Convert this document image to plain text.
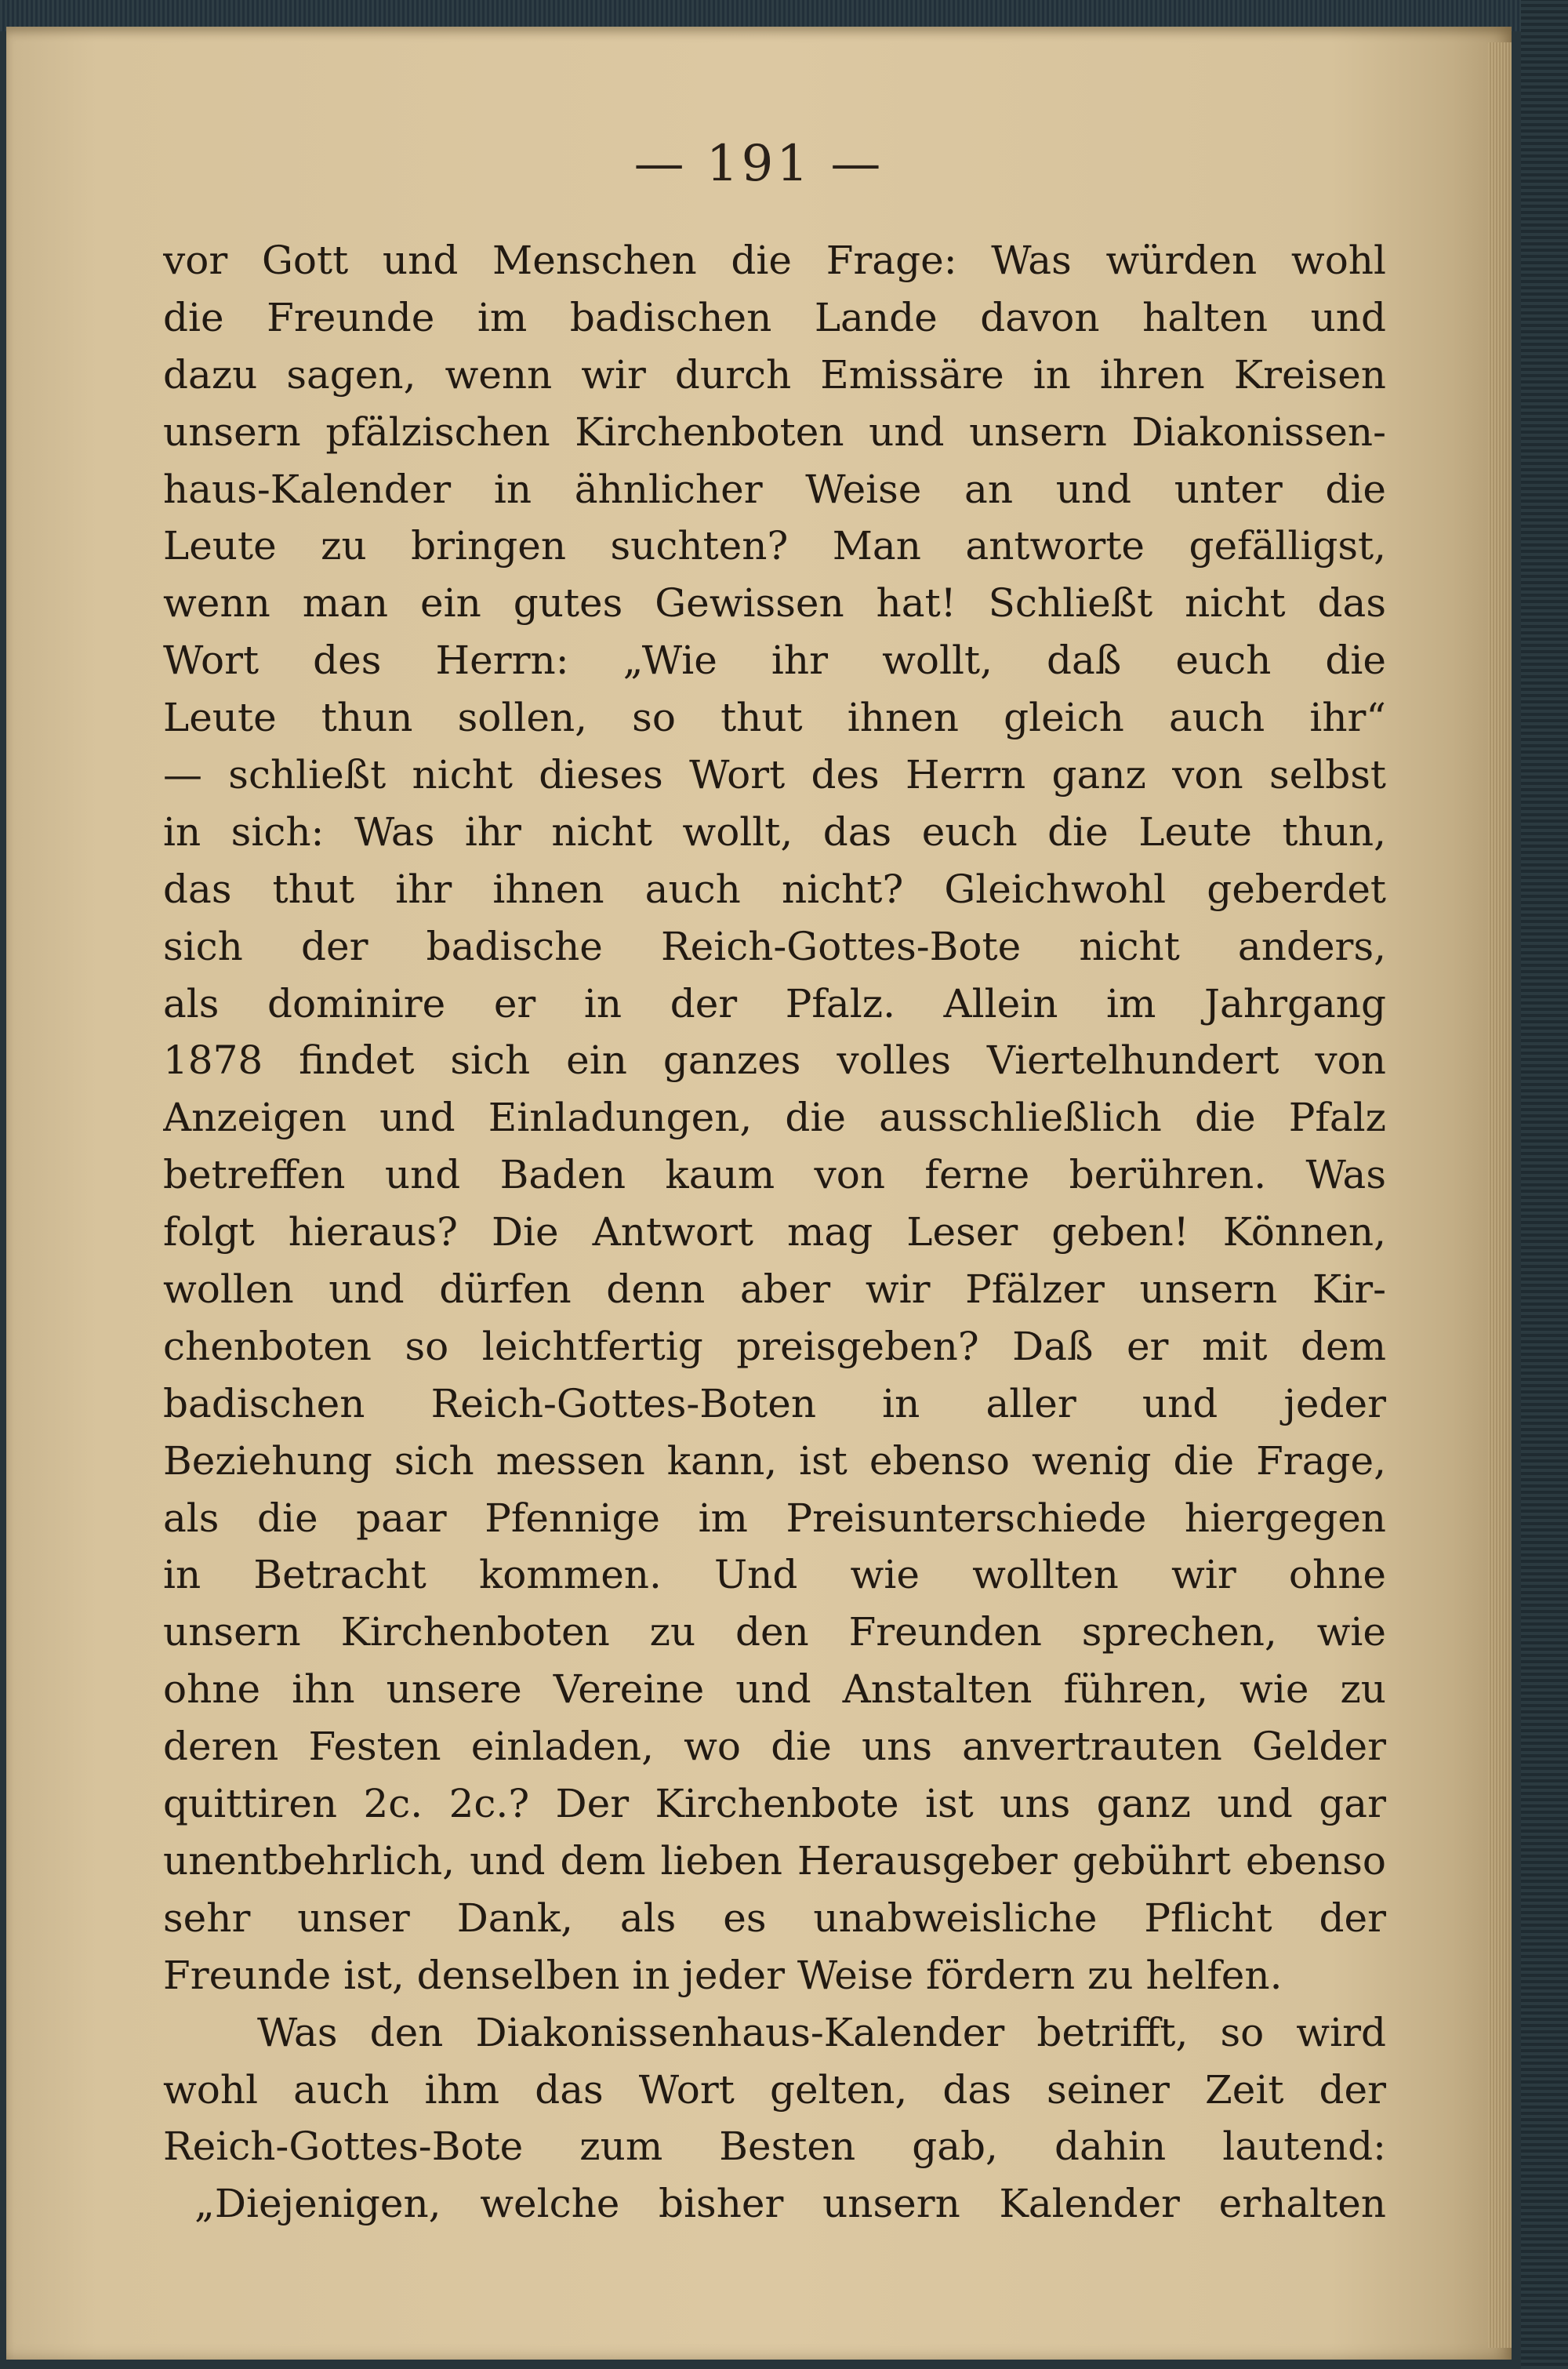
— 191 —
vor Gott und Menschen die Frage: Was würden wohl
die Freunde im badischen Lande davon halten und
dazu sagen, wenn wir durch Emissäre in ihren Kreisen
unsern pfälzischen Kirchenboten und unsern Diakonissen-
haus-Kalender in ähnlicher Weise an und unter die
Leute zu bringen suchten? Man antworte gefälligst,
wenn man ein gutes Gewissen hat! Schließt nicht das
Wort des Herrn: „Wie ihr wollt, daß euch die
Leute thun sollen, so thut ihnen gleich auch ihr“
— schließt nicht dieses Wort des Herrn ganz von selbst
in sich: Was ihr nicht wollt, das euch die Leute thun,
das thut ihr ihnen auch nicht? Gleichwohl geberdet
sich der badische Reich-Gottes-Bote nicht anders,
als dominire er in der Pfalz. Allein im Jahrgang
1878 findet sich ein ganzes volles Viertelhundert von
Anzeigen und Einladungen, die ausschließlich die Pfalz
betreffen und Baden kaum von ferne berühren. Was
folgt hieraus? Die Antwort mag Leser geben! Können,
wollen und dürfen denn aber wir Pfälzer unsern Kir-
chenboten so leichtfertig preisgeben? Daß er mit dem
badischen Reich-Gottes-Boten in aller und jeder
Beziehung sich messen kann, ist ebenso wenig die Frage,
als die paar Pfennige im Preisunterschiede hiergegen
in Betracht kommen. Und wie wollten wir ohne
unsern Kirchenboten zu den Freunden sprechen, wie
ohne ihn unsere Vereine und Anstalten führen, wie zu
deren Festen einladen, wo die uns anvertrauten Gelder
quittiren 2c. 2c.? Der Kirchenbote ist uns ganz und gar
unentbehrlich, und dem lieben Herausgeber gebührt ebenso
sehr unser Dank, als es unabweisliche Pflicht der
Freunde ist, denselben in jeder Weise fördern zu helfen.
Was den Diakonissenhaus-Kalender betrifft, so wird
wohl auch ihm das Wort gelten, das seiner Zeit der
Reich-Gottes-Bote zum Besten gab, dahin lautend:
„Diejenigen, welche bisher unsern Kalender erhalten
